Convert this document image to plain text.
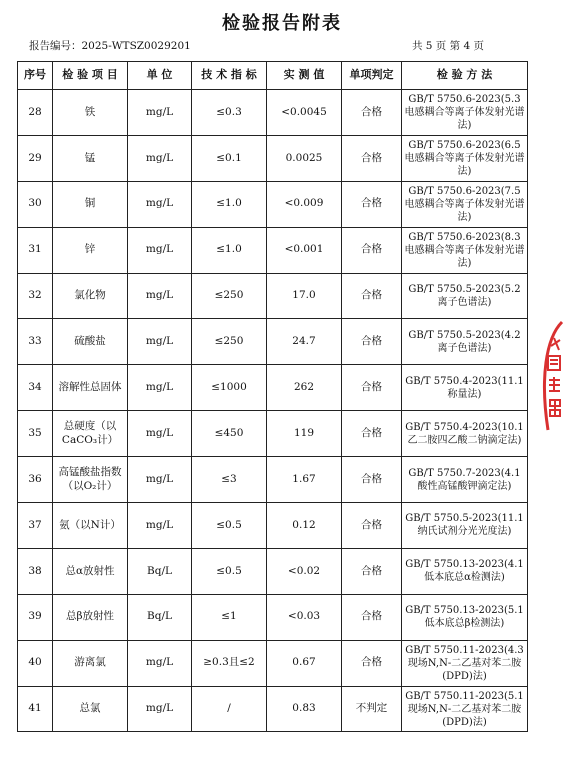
检验报告附表
报告编号：2025-WTSZ0029201	共 5 页 第 4 页
序号	检 验 项 目	单 位	技 术 指 标	实 测 值	单项判定	检 验 方 法
28	铁	mg/L	≤0.3	<0.0045	合格	GB/T 5750.6-2023(5.3电感耦合等离子体发射光谱法)
29	锰	mg/L	≤0.1	0.0025	合格	GB/T 5750.6-2023(6.5电感耦合等离子体发射光谱法)
30	铜	mg/L	≤1.0	<0.009	合格	GB/T 5750.6-2023(7.5电感耦合等离子体发射光谱法)
31	锌	mg/L	≤1.0	<0.001	合格	GB/T 5750.6-2023(8.3电感耦合等离子体发射光谱法)
32	氯化物	mg/L	≤250	17.0	合格	GB/T 5750.5-2023(5.2离子色谱法)
33	硫酸盐	mg/L	≤250	24.7	合格	GB/T 5750.5-2023(4.2离子色谱法)
34	溶解性总固体	mg/L	≤1000	262	合格	GB/T 5750.4-2023(11.1称量法)
35	总硬度（以CaCO₃计）	mg/L	≤450	119	合格	GB/T 5750.4-2023(10.1乙二胺四乙酸二钠滴定法)
36	高锰酸盐指数（以O₂计）	mg/L	≤3	1.67	合格	GB/T 5750.7-2023(4.1酸性高锰酸钾滴定法)
37	氨（以N计）	mg/L	≤0.5	0.12	合格	GB/T 5750.5-2023(11.1纳氏试剂分光光度法)
38	总α放射性	Bq/L	≤0.5	<0.02	合格	GB/T 5750.13-2023(4.1低本底总α检测法)
39	总β放射性	Bq/L	≤1	<0.03	合格	GB/T 5750.13-2023(5.1低本底总β检测法)
40	游离氯	mg/L	≥0.3且≤2	0.67	合格	GB/T 5750.11-2023(4.3现场N,N-二乙基对苯二胺(DPD)法)
41	总氯	mg/L	/	0.83	不判定	GB/T 5750.11-2023(5.1现场N,N-二乙基对苯二胺(DPD)法)
